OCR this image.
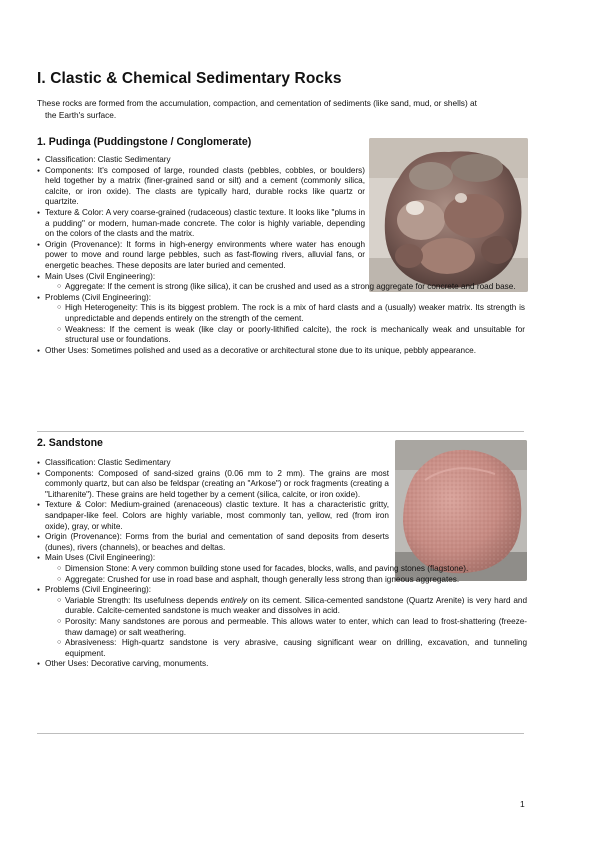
I. Clastic & Chemical Sedimentary Rocks

These rocks are formed from the accumulation, compaction, and cementation of sediments (like sand, mud, or shells) at
the Earth's surface.

1. Pudinga (Puddingstone / Conglomerate)
● Classification: Clastic Sedimentary
● Components: It's composed of large, rounded clasts (pebbles, cobbles, or boulders) held together by a matrix (finer-grained sand or silt) and a cement (commonly silica, calcite, or iron oxide). The clasts are typically hard, durable rocks like quartz or quartzite.
● Texture & Color: A very coarse-grained (rudaceous) clastic texture. It looks like "plums in a pudding" or modern, human-made concrete. The color is highly variable, depending on the colors of the clasts and the matrix.
● Origin (Provenance): It forms in high-energy environments where water has enough power to move and round large pebbles, such as fast-flowing rivers, alluvial fans, or energetic beaches. These deposits are later buried and cemented.
● Main Uses (Civil Engineering):
○ Aggregate: If the cement is strong (like silica), it can be crushed and used as a strong aggregate for concrete and road base.
● Problems (Civil Engineering):
○ High Heterogeneity: This is its biggest problem. The rock is a mix of hard clasts and a (usually) weaker matrix. Its strength is unpredictable and depends entirely on the strength of the cement.
○ Weakness: If the cement is weak (like clay or poorly-lithified calcite), the rock is mechanically weak and unsuitable for structural use or foundations.
● Other Uses: Sometimes polished and used as a decorative or architectural stone due to its unique, pebbly appearance.
2. Sandstone
● Classification: Clastic Sedimentary
● Components: Composed of sand-sized grains (0.06 mm to 2 mm). The grains are most commonly quartz, but can also be feldspar (creating an "Arkose") or rock fragments (creating a "Litharenite"). These grains are held together by a cement (silica, calcite, or iron oxide).
● Texture & Color: Medium-grained (arenaceous) clastic texture. It has a characteristic gritty, sandpaper-like feel. Colors are highly variable, most commonly tan, yellow, red (from iron oxide), gray, or white.
● Origin (Provenance): Forms from the burial and cementation of sand deposits from deserts (dunes), rivers (channels), or beaches and deltas.
● Main Uses (Civil Engineering):
○ Dimension Stone: A very common building stone used for facades, blocks, walls, and paving stones (flagstone).
○ Aggregate: Crushed for use in road base and asphalt, though generally less strong than igneous aggregates.
● Problems (Civil Engineering):
○ Variable Strength: Its usefulness depends entirely on its cement. Silica-cemented sandstone (Quartz Arenite) is very hard and durable. Calcite-cemented sandstone is much weaker and dissolves in acid.
○ Porosity: Many sandstones are porous and permeable. This allows water to enter, which can lead to frost-shattering (freeze-thaw damage) or salt weathering.
○ Abrasiveness: High-quartz sandstone is very abrasive, causing significant wear on drilling, excavation, and tunneling equipment.
● Other Uses: Decorative carving, monuments.
1
